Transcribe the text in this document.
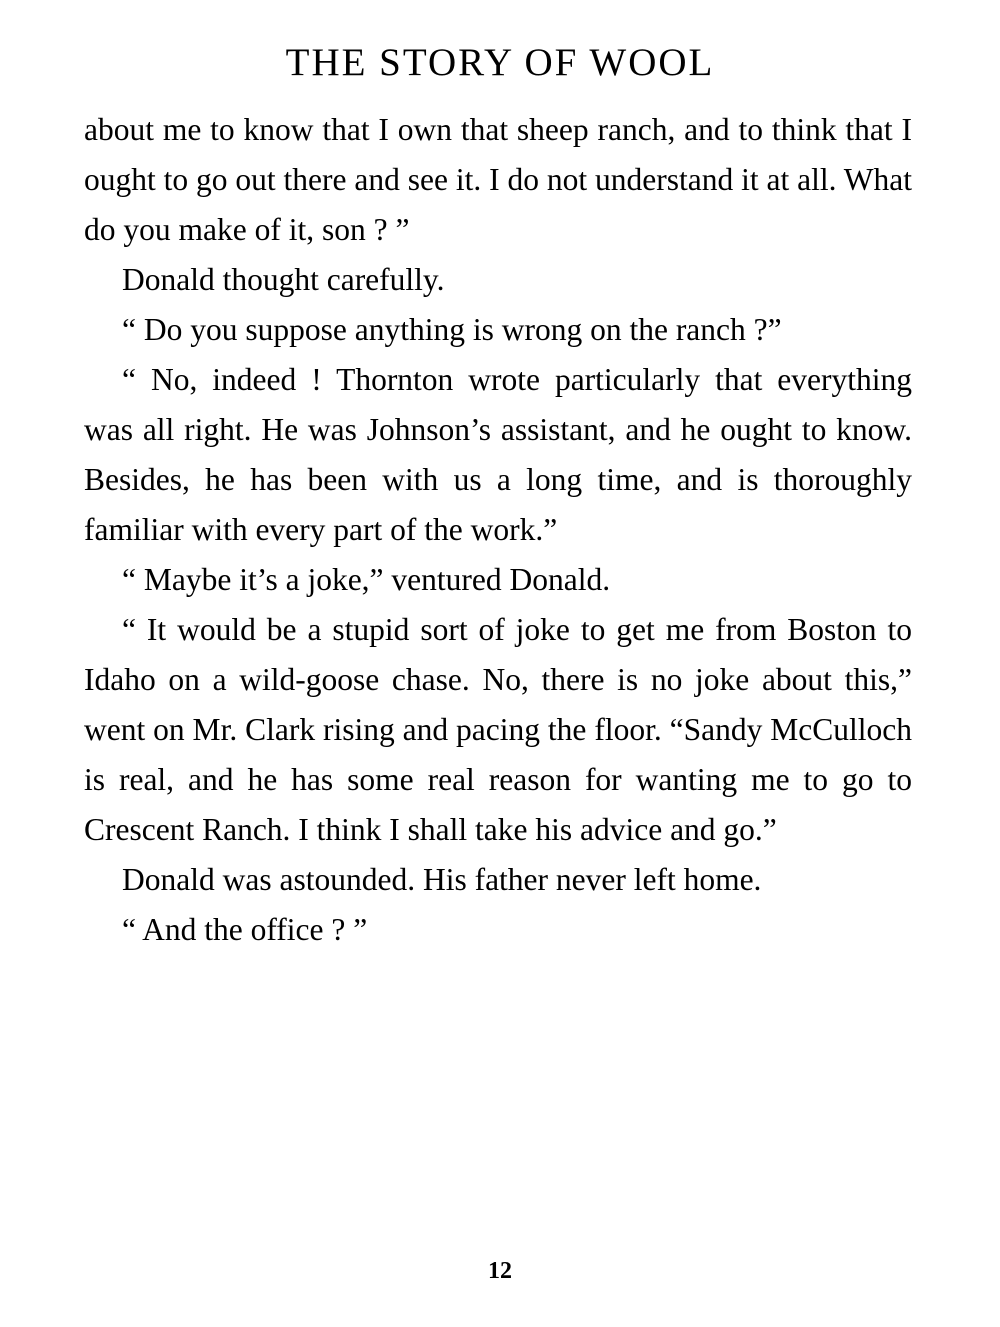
THE STORY OF WOOL

about me to know that I own that sheep ranch, and to think that I ought to go out there and see it. I do not understand it at all. What do you make of it, son ? ”

Donald thought carefully.

“ Do you suppose anything is wrong on the ranch ?”

“ No, indeed ! Thornton wrote particularly that everything was all right. He was Johnson’s assistant, and he ought to know. Besides, he has been with us a long time, and is thoroughly familiar with every part of the work.”

“ Maybe it’s a joke,” ventured Donald.

“ It would be a stupid sort of joke to get me from Boston to Idaho on a wild-goose chase. No, there is no joke about this,” went on Mr. Clark rising and pacing the floor. “Sandy McCulloch is real, and he has some real reason for wanting me to go to Crescent Ranch. I think I shall take his advice and go.”

Donald was astounded. His father never left home.

“ And the office ? ”

12
